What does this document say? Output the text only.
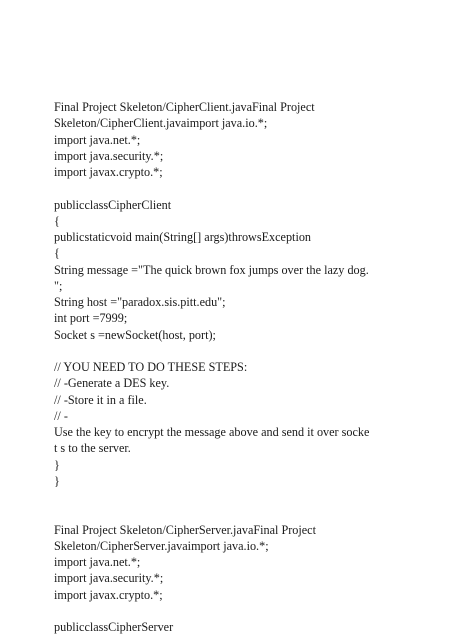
Final Project Skeleton/CipherClient.javaFinal Project
Skeleton/CipherClient.javaimport java.io.*;
import java.net.*;
import java.security.*;
import javax.crypto.*;
publicclassCipherClient
{
publicstaticvoid main(String[] args)throwsException
{
String message ="The quick brown fox jumps over the lazy dog.
";
String host ="paradox.sis.pitt.edu";
int port =7999;
Socket s =newSocket(host, port);
// YOU NEED TO DO THESE STEPS:
// -Generate a DES key.
// -Store it in a file.
// -
Use the key to encrypt the message above and send it over socke
t s to the server.
}
}
Final Project Skeleton/CipherServer.javaFinal Project
Skeleton/CipherServer.javaimport java.io.*;
import java.net.*;
import java.security.*;
import javax.crypto.*;
publicclassCipherServer
